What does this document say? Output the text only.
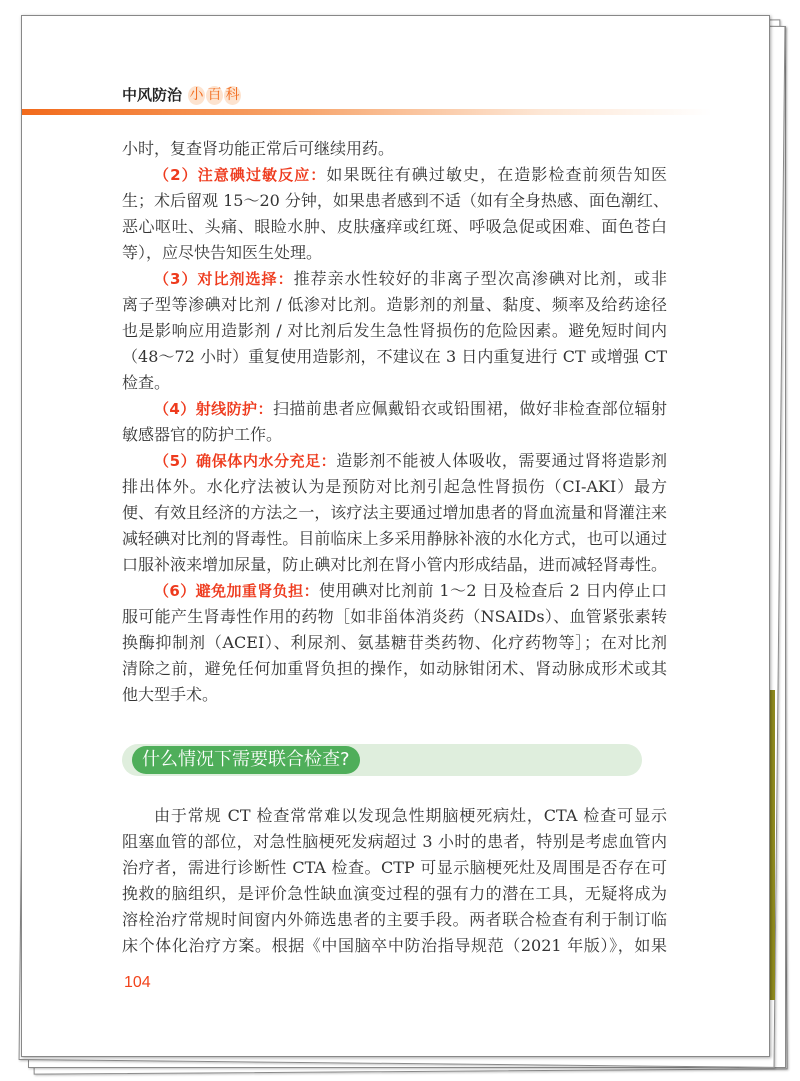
中风防治 小 百 科
小时，复查肾功能正常后可继续用药。
（2）注意碘过敏反应：如果既往有碘过敏史，在造影检查前须告知医
生；术后留观 15～20 分钟，如果患者感到不适（如有全身热感、面色潮红、
恶心呕吐、头痛、眼睑水肿、皮肤瘙痒或红斑、呼吸急促或困难、面色苍白
等），应尽快告知医生处理。
（3）对比剂选择：推荐亲水性较好的非离子型次高渗碘对比剂，或非
离子型等渗碘对比剂 / 低渗对比剂。造影剂的剂量、黏度、频率及给药途径
也是影响应用造影剂 / 对比剂后发生急性肾损伤的危险因素。避免短时间内
（48～72 小时）重复使用造影剂，不建议在 3 日内重复进行 CT 或增强 CT
检查。
（4）射线防护：扫描前患者应佩戴铅衣或铅围裙，做好非检查部位辐射
敏感器官的防护工作。
（5）确保体内水分充足：造影剂不能被人体吸收，需要通过肾将造影剂
排出体外。水化疗法被认为是预防对比剂引起急性肾损伤（CI-AKI）最方
便、有效且经济的方法之一，该疗法主要通过增加患者的肾血流量和肾灌注来
减轻碘对比剂的肾毒性。目前临床上多采用静脉补液的水化方式，也可以通过
口服补液来增加尿量，防止碘对比剂在肾小管内形成结晶，进而减轻肾毒性。
（6）避免加重肾负担：使用碘对比剂前 1～2 日及检查后 2 日内停止口
服可能产生肾毒性作用的药物［如非甾体消炎药（NSAIDs）、血管紧张素转
换酶抑制剂（ACEI）、利尿剂、氨基糖苷类药物、化疗药物等］；在对比剂
清除之前，避免任何加重肾负担的操作，如动脉钳闭术、肾动脉成形术或其
他大型手术。
什么情况下需要联合检查?
由于常规 CT 检查常常难以发现急性期脑梗死病灶，CTA 检查可显示
阻塞血管的部位，对急性脑梗死发病超过 3 小时的患者，特别是考虑血管内
治疗者，需进行诊断性 CTA 检查。CTP 可显示脑梗死灶及周围是否存在可
挽救的脑组织，是评价急性缺血演变过程的强有力的潜在工具，无疑将成为
溶栓治疗常规时间窗内外筛选患者的主要手段。两者联合检查有利于制订临
床个体化治疗方案。根据《中国脑卒中防治指导规范（2021 年版）》，如果
104
